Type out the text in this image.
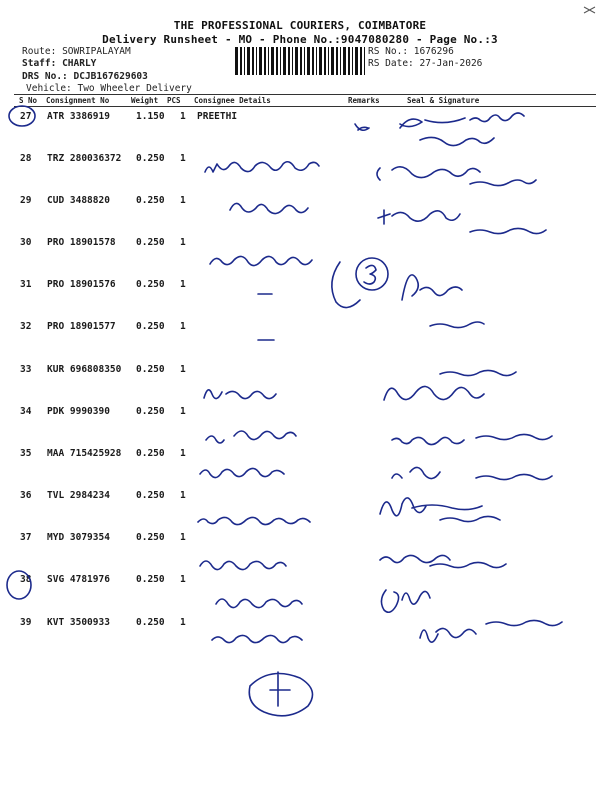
THE PROFESSIONAL COURIERS, COIMBATORE
Delivery Runsheet - MO - Phone No.:9047080280 - Page No.:3
Route: SOWRIPALAYAM
Staff: CHARLY
DRS No.: DCJB167629603
Vehicle: Two Wheeler Delivery
RS No.: 1676296
RS Date: 27-Jan-2026
S No Consignment No	Weight PCS Consignee Details	Remarks	Seal & Signature
27 ATR 3386919	1.150 1 PREETHI
28 TRZ 280036372 0.250 1
29 CUD 3488820	0.250 1
30 PRO 18901578 0.250 1
31 PRO 18901576 0.250 1
32 PRO 18901577 0.250 1
33 KUR 696808350 0.250 1
34 PDK 9990390	0.250 1
35 MAA 715425928 0.250 1
36 TVL 2984234	0.250 1
37 MYD 3079354	0.250 1
38 SVG 4781976	0.250 1
39 KVT 3500933	0.250 1
